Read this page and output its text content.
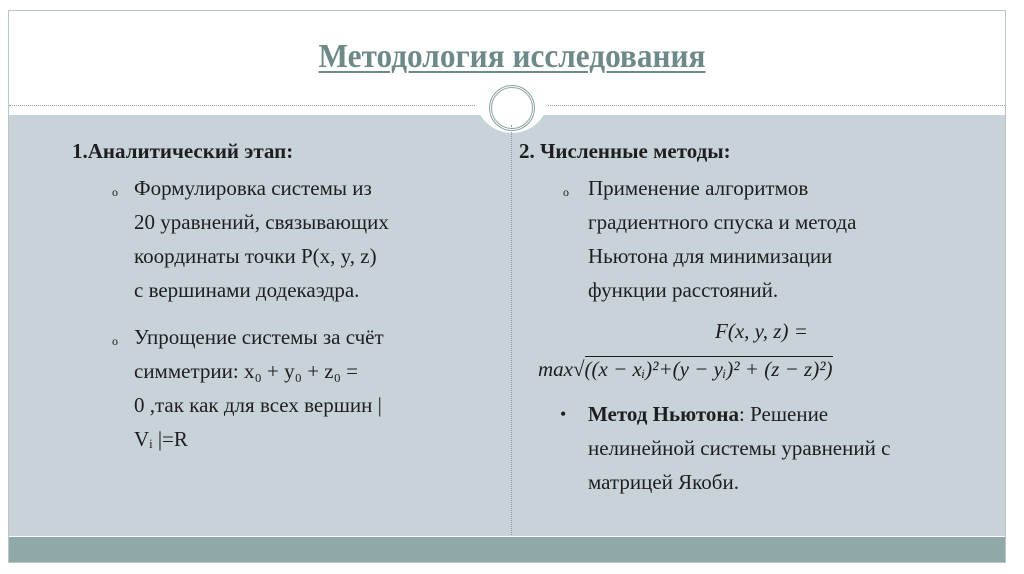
Методология исследования
1.Аналитический этап:
o Формулировка системы из
20 уравнений, связывающих
координаты точки P(x, y, z)
с вершинами додекаэдра.
o Упрощение системы за счёт
симметрии: x₀ + y₀ + z₀ =
0 ,так как для всех вершин |
Vᵢ |=R
2. Численные методы:
o Применение алгоритмов
градиентного спуска и метода
Ньютона для минимизации
функции расстояний.
F(x, y, z) =
max√((x − xᵢ)²+(y − yᵢ)² + (z − z)²)
• Метод Ньютона: Решение
нелинейной системы уравнений с
матрицей Якоби.
